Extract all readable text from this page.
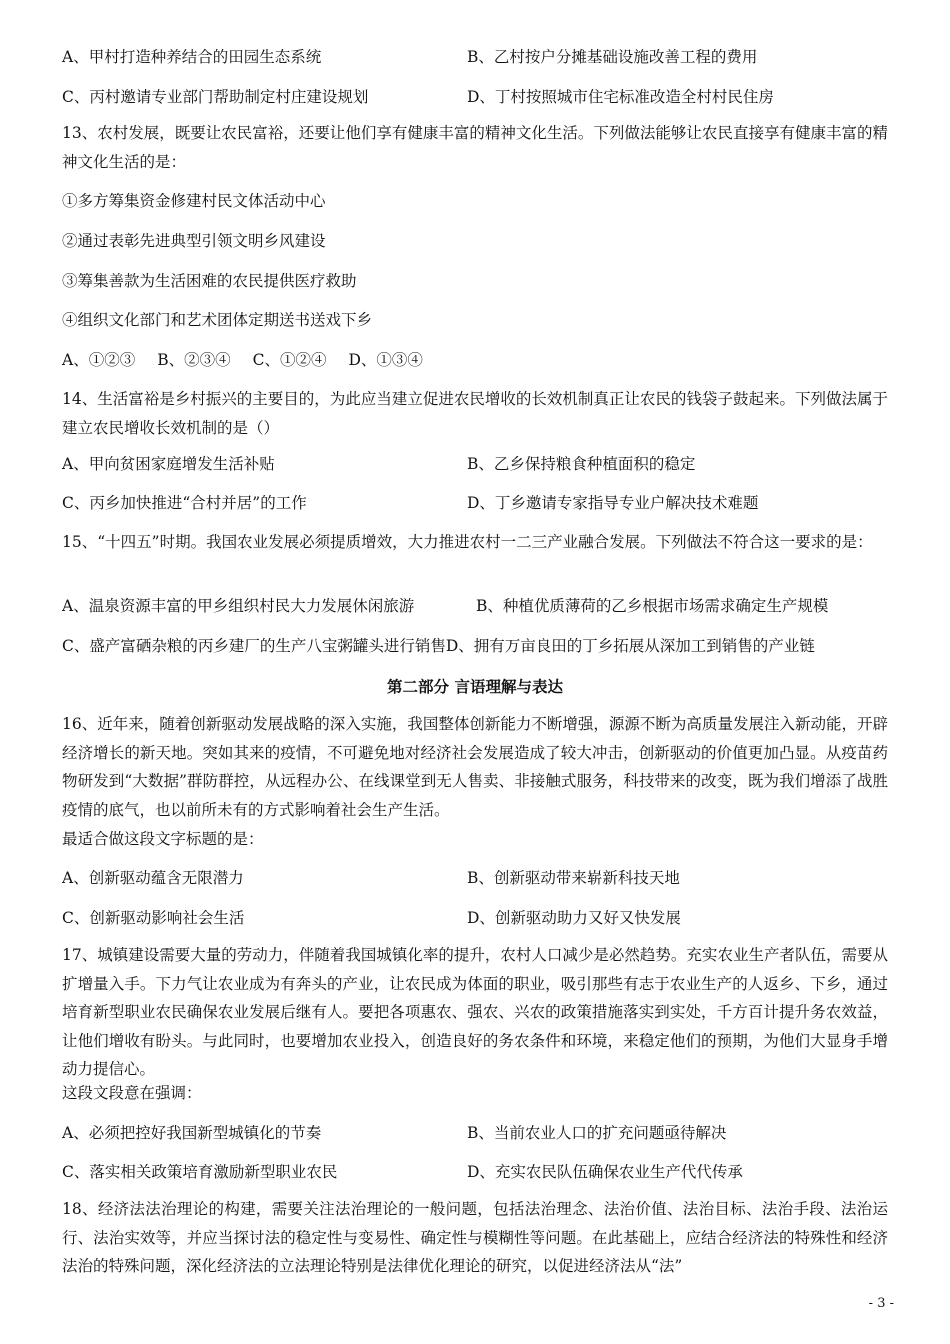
A、甲村打造种养结合的田园生态系统	B、乙村按户分摊基础设施改善工程的费用
C、丙村邀请专业部门帮助制定村庄建设规划	D、丁村按照城市住宅标准改造全村村民住房
13、农村发展，既要让农民富裕，还要让他们享有健康丰富的精神文化生活。下列做法能够让农民直接享有健康丰富的精神文化生活的是：
①多方筹集资金修建村民文体活动中心
②通过表彰先进典型引领文明乡风建设
③筹集善款为生活困难的农民提供医疗救助
④组织文化部门和艺术团体定期送书送戏下乡
A、①②③ B、②③④ C、①②④ D、①③④
14、生活富裕是乡村振兴的主要目的，为此应当建立促进农民增收的长效机制真正让农民的钱袋子鼓起来。下列做法属于建立农民增收长效机制的是（）
A、甲向贫困家庭增发生活补贴	B、乙乡保持粮食种植面积的稳定
C、丙乡加快推进“合村并居”的工作	D、丁乡邀请专家指导专业户解决技术难题
15、“十四五”时期。我国农业发展必须提质增效，大力推进农村一二三产业融合发展。下列做法不符合这一要求的是：
A、温泉资源丰富的甲乡组织村民大力发展休闲旅游	B、种植优质薄荷的乙乡根据市场需求确定生产规模
C、盛产富硒杂粮的丙乡建厂的生产八宝粥罐头进行销售D、拥有万亩良田的丁乡拓展从深加工到销售的产业链
第二部分 言语理解与表达
16、近年来，随着创新驱动发展战略的深入实施，我国整体创新能力不断增强，源源不断为高质量发展注入新动能，开辟经济增长的新天地。突如其来的疫情，不可避免地对经济社会发展造成了较大冲击，创新驱动的价值更加凸显。从疫苗药物研发到“大数据”群防群控，从远程办公、在线课堂到无人售卖、非接触式服务，科技带来的改变，既为我们增添了战胜疫情的底气，也以前所未有的方式影响着社会生产生活。
最适合做这段文字标题的是：
A、创新驱动蕴含无限潜力	B、创新驱动带来崭新科技天地
C、创新驱动影响社会生活	D、创新驱动助力又好又快发展
17、城镇建设需要大量的劳动力，伴随着我国城镇化率的提升，农村人口减少是必然趋势。充实农业生产者队伍，需要从扩增量入手。下力气让农业成为有奔头的产业，让农民成为体面的职业，吸引那些有志于农业生产的人返乡、下乡，通过培育新型职业农民确保农业发展后继有人。要把各项惠农、强农、兴农的政策措施落实到实处，千方百计提升务农效益，让他们增收有盼头。与此同时，也要增加农业投入，创造良好的务农条件和环境，来稳定他们的预期，为他们大显身手增动力提信心。
这段文段意在强调：
A、必须把控好我国新型城镇化的节奏	B、当前农业人口的扩充问题亟待解决
C、落实相关政策培育激励新型职业农民	D、充实农民队伍确保农业生产代代传承
18、经济法法治理论的构建，需要关注法治理论的一般问题，包括法治理念、法治价值、法治目标、法治手段、法治运行、法治实效等，并应当探讨法的稳定性与变易性、确定性与模糊性等问题。在此基础上，应结合经济法的特殊性和经济法治的特殊问题，深化经济法的立法理论特别是法律优化理论的研究，以促进经济法从“法”
- 3 -
